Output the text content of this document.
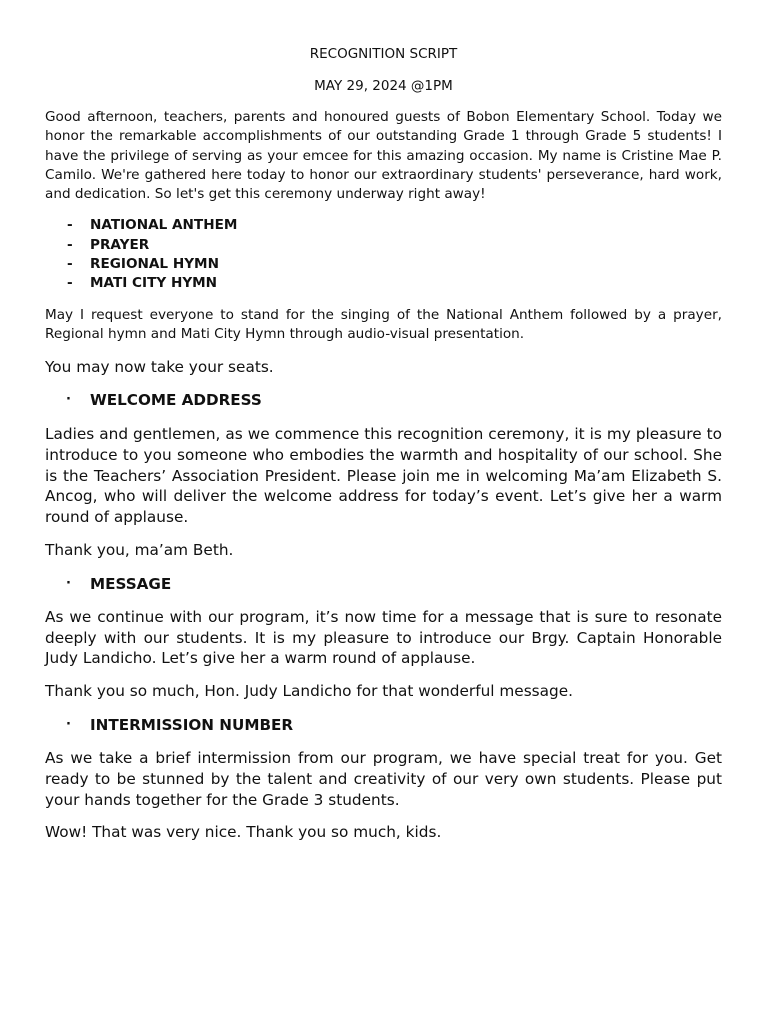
RECOGNITION SCRIPT

MAY 29, 2024 @1PM

Good afternoon, teachers, parents and honoured guests of Bobon Elementary School. Today we honor the remarkable accomplishments of our outstanding Grade 1 through Grade 5 students! I have the privilege of serving as your emcee for this amazing occasion. My name is Cristine Mae P. Camilo. We're gathered here today to honor our extraordinary students' perseverance, hard work, and dedication. So let's get this ceremony underway right away!

- NATIONAL ANTHEM
- PRAYER
- REGIONAL HYMN
- MATI CITY HYMN

May I request everyone to stand for the singing of the National Anthem followed by a prayer, Regional hymn and Mati City Hymn through audio-visual presentation.

You may now take your seats.

· WELCOME ADDRESS

Ladies and gentlemen, as we commence this recognition ceremony, it is my pleasure to introduce to you someone who embodies the warmth and hospitality of our school. She is the Teachers’ Association President. Please join me in welcoming Ma’am Elizabeth S. Ancog, who will deliver the welcome address for today’s event. Let’s give her a warm round of applause.

Thank you, ma’am Beth.

· MESSAGE

As we continue with our program, it’s now time for a message that is sure to resonate deeply with our students. It is my pleasure to introduce our Brgy. Captain Honorable Judy Landicho. Let’s give her a warm round of applause.

Thank you so much, Hon. Judy Landicho for that wonderful message.

· INTERMISSION NUMBER

As we take a brief intermission from our program, we have special treat for you. Get ready to be stunned by the talent and creativity of our very own students. Please put your hands together for the Grade 3 students.

Wow! That was very nice. Thank you so much, kids.
